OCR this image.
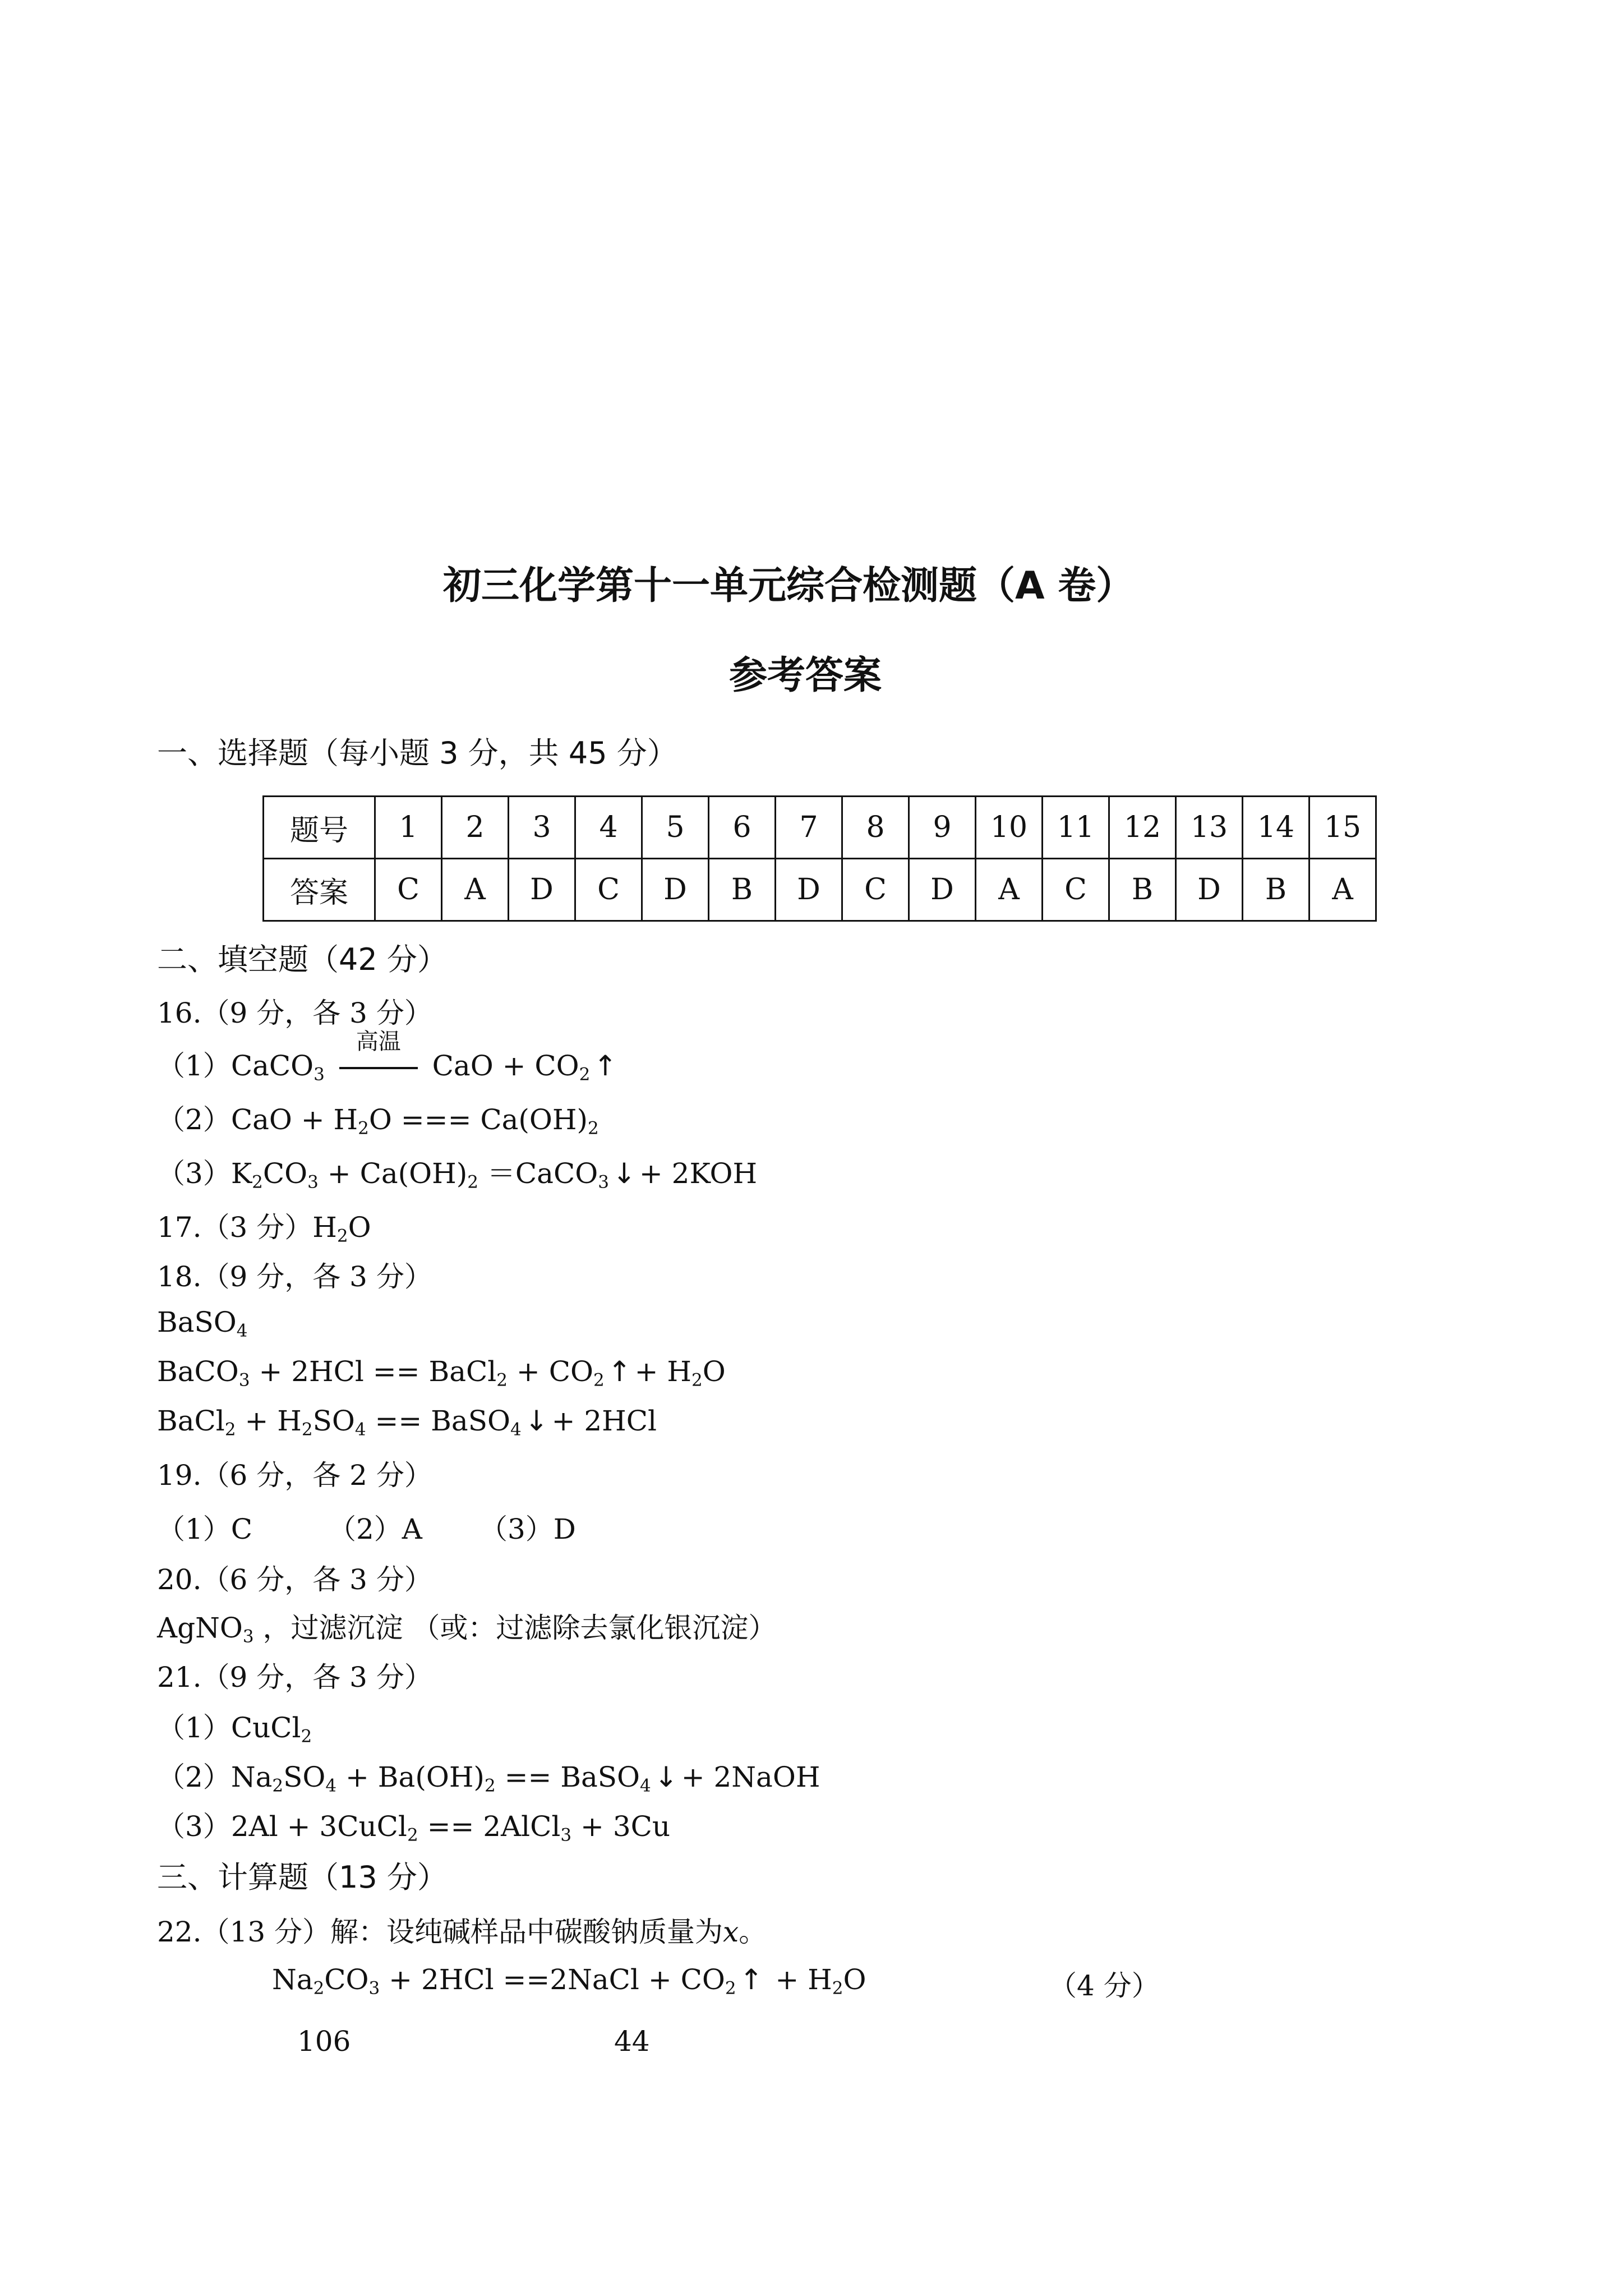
初三化学第十一单元综合检测题（A 卷）
参考答案
一、选择题（每小题 3 分，共 45 分）
题号	1	2	3	4	5	6	7	8	9	10	11	12	13	14	15
答案	C	A	D	C	D	B	D	C	D	A	C	B	D	B	A
二、填空题（42 分）
16.（9 分，各 3 分）
（1）CaCO$_3$
高温
CaO + $CO_2$ ↑
$(2)CaO + H_2O$ === $Ca(OH)_2$
$(3)K_2CO_3 + Ca(OH)_2$ ＝CaCO$_3$ ↓ + 2KOH
17.（3 分）$H_2O$
18.（9 分，各 3 分）
BaSO$_4$
BaCO$_3$ + 2HCl == BaCl$_2$ + $CO_2$ ↑ + $H_2O$
BaCl$_2$ + $H_2SO_4$ == BaSO$_4$ ↓ + 2HCl
19.（6 分，各 2 分）
（1）C	（2）A （3）D
20.（6 分，各 3 分）
AgNO$_3$ ，过滤沉淀 （或：过滤除去氯化银沉淀）
21.（9 分，各 3 分）
（1）CuCl$_2$
$(2)Na_2SO_4 + Ba(OH)_2$ == BaSO$_4$ ↓ + 2NaOH
（3）2Al + 3CuCl$_2$ == 2AlCl$_3$ + 3Cu
三、计算题（13 分）
22.（13 分）解：设纯碱样品中碳酸钠质量为x。
$Na_2CO_3 + 2HCl$ ==2NaCl + $CO_2$ ↑ + $H_2O$	（4 分）
106	44
